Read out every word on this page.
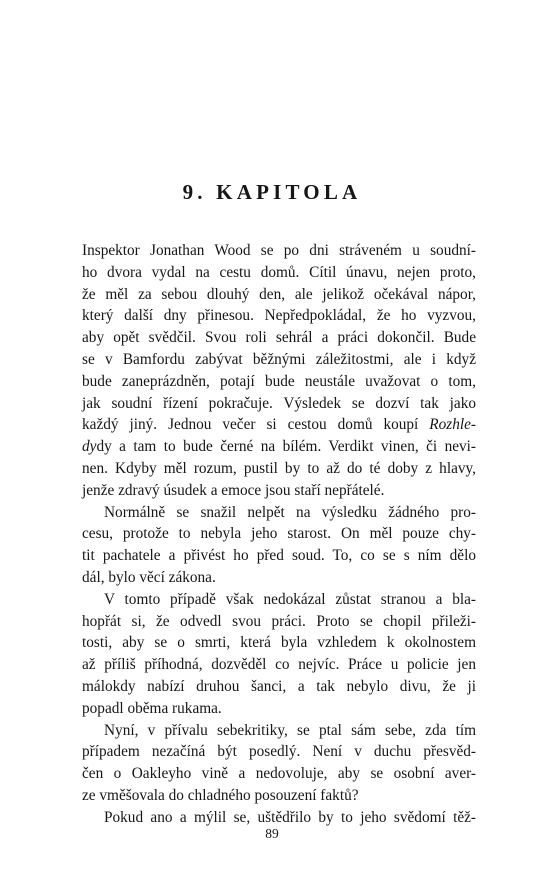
9. KAPITOLA

Inspektor Jonathan Wood se po dni stráveném u soudní-
ho dvora vydal na cestu domů. Cítil únavu, nejen proto,
že měl za sebou dlouhý den, ale jelikož očekával nápor,
který další dny přinesou. Nepředpokládal, že ho vyzvou,
aby opět svědčil. Svou roli sehrál a práci dokončil. Bude
se v Bamfordu zabývat běžnými záležitostmi, ale i když
bude zaneprázdněn, potají bude neustále uvažovat o tom,
jak soudní řízení pokračuje. Výsledek se dozví tak jako
každý jiný. Jednou večer si cestou domů koupí Rozhle-
dydy a tam to bude černé na bílém. Verdikt vinen, či nevi-
nen. Kdyby měl rozum, pustil by to až do té doby z hlavy,
jenže zdravý úsudek a emoce jsou staří nepřátelé.

Normálně se snažil nelpět na výsledku žádného pro-
cesu, protože to nebyla jeho starost. On měl pouze chy-
tit pachatele a přivést ho před soud. To, co se s ním dělo
dál, bylo věcí zákona.

V tomto případě však nedokázal zůstat stranou a bla-
hopřát si, že odvedl svou práci. Proto se chopil přileži-
tosti, aby se o smrti, která byla vzhledem k okolnostem
až příliš příhodná, dozvěděl co nejvíc. Práce u policie jen
málokdy nabízí druhou šanci, a tak nebylo divu, že ji
popadl oběma rukama.

Nyní, v přívalu sebekritiky, se ptal sám sebe, zda tím
případem nezačíná být posedlý. Není v duchu přesvěd-
čen o Oakleyho vině a nedovoluje, aby se osobní aver-
ze vměšovala do chladného posouzení faktů?

Pokud ano a mýlil se, uštědřilo by to jeho svědomí těž-

89
